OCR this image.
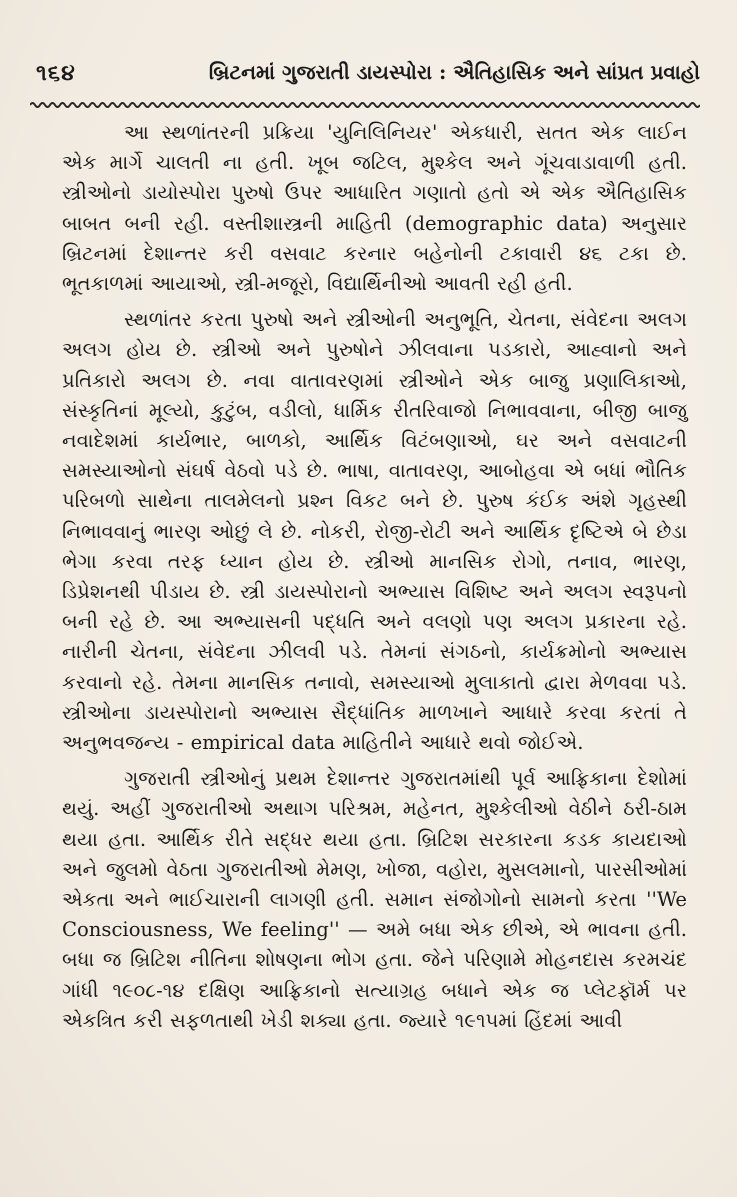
૧૬૪	બ્રિટનમાં ગુજરાતી ડાયસ્પોરા : ઐતિહાસિક અને સાંપ્રત પ્રવાહો

આ સ્થળાંતરની પ્રક્રિયા 'યુનિલિનિયર' એકધારી, સતત એક લાઈન એક માર્ગે ચાલતી ના હતી. ખૂબ જટિલ, મુશ્કેલ અને ગૂંચવાડાવાળી હતી. સ્ત્રીઓનો ડાયોસ્પોરા પુરુષો ઉપર આધારિત ગણાતો હતો એ એક ઐતિહાસિક બાબત બની રહી. વસ્તીશાસ્ત્રની માહિતી (demographic data) અનુસાર બ્રિટનમાં દેશાન્તર કરી વસવાટ કરનાર બહેનોની ટકાવારી ૪૬ ટકા છે. ભૂતકાળમાં આયાઓ, સ્ત્રી-મજૂરો, વિદ્યાર્થિનીઓ આવતી રહી હતી.

સ્થળાંતર કરતા પુરુષો અને સ્ત્રીઓની અનુભૂતિ, ચેતના, સંવેદના અલગ અલગ હોય છે. સ્ત્રીઓ અને પુરુષોને ઝીલવાના પડકારો, આહ્વાનો અને પ્રતિકારો અલગ છે. નવા વાતાવરણમાં સ્ત્રીઓને એક બાજુ પ્રણાલિકાઓ, સંસ્કૃતિનાં મૂલ્યો, કુટુંબ, વડીલો, ધાર્મિક રીતરિવાજો નિભાવવાના, બીજી બાજુ નવાદેશમાં કાર્યભાર, બાળકો, આર્થિક વિટંબણાઓ, ઘર અને વસવાટની સમસ્યાઓનો સંઘર્ષ વેઠવો પડે છે. ભાષા, વાતાવરણ, આબોહવા એ બધાં ભૌતિક પરિબળો સાથેના તાલમેલનો પ્રશ્ન વિકટ બને છે. પુરુષ કંઈક અંશે ગૃહસ્થી નિભાવવાનું ભારણ ઓછું લે છે. નોકરી, રોજી-રોટી અને આર્થિક દૃષ્ટિએ બે છેડા ભેગા કરવા તરફ ધ્યાન હોય છે. સ્ત્રીઓ માનસિક રોગો, તનાવ, ભારણ, ડિપ્રેશનથી પીડાય છે. સ્ત્રી ડાયસ્પોરાનો અભ્યાસ વિશિષ્ટ અને અલગ સ્વરૂપનો બની રહે છે. આ અભ્યાસની પદ્ધતિ અને વલણો પણ અલગ પ્રકારના રહે. નારીની ચેતના, સંવેદના ઝીલવી પડે. તેમનાં સંગઠનો, કાર્યક્રમોનો અભ્યાસ કરવાનો રહે. તેમના માનસિક તનાવો, સમસ્યાઓ મુલાકાતો દ્વારા મેળવવા પડે. સ્ત્રીઓના ડાયસ્પોરાનો અભ્યાસ સૈદ્ધાંતિક માળખાને આધારે કરવા કરતાં તે અનુભવજન્ય - empirical data માહિતીને આધારે થવો જોઈએ.

ગુજરાતી સ્ત્રીઓનું પ્રથમ દેશાન્તર ગુજરાતમાંથી પૂર્વ આફ્રિકાના દેશોમાં થયું. અહીં ગુજરાતીઓ અથાગ પરિશ્રમ, મહેનત, મુશ્કેલીઓ વેઠીને ઠરી-ઠામ થયા હતા. આર્થિક રીતે સદ્ધર થયા હતા. બ્રિટિશ સરકારના કડક કાયદાઓ અને જુલમો વેઠતા ગુજરાતીઓ મેમણ, ખોજા, વહોરા, મુસલમાનો, પારસીઓમાં એકતા અને ભાઈચારાની લાગણી હતી. સમાન સંજોગોનો સામનો કરતા ''We Consciousness, We feeling'' — અમે બધા એક છીએ, એ ભાવના હતી. બધા જ બ્રિટિશ નીતિના શોષણના ભોગ હતા. જેને પરિણામે મોહનદાસ કરમચંદ ગાંધી ૧૯૦૮-૧૪ દક્ષિણ આફ્રિકાનો સત્યાગ્રહ બધાને એક જ પ્લેટફૉર્મ પર એકત્રિત કરી સફળતાથી ખેડી શક્યા હતા. જ્યારે ૧૯૧૫માં હિંદમાં આવી
